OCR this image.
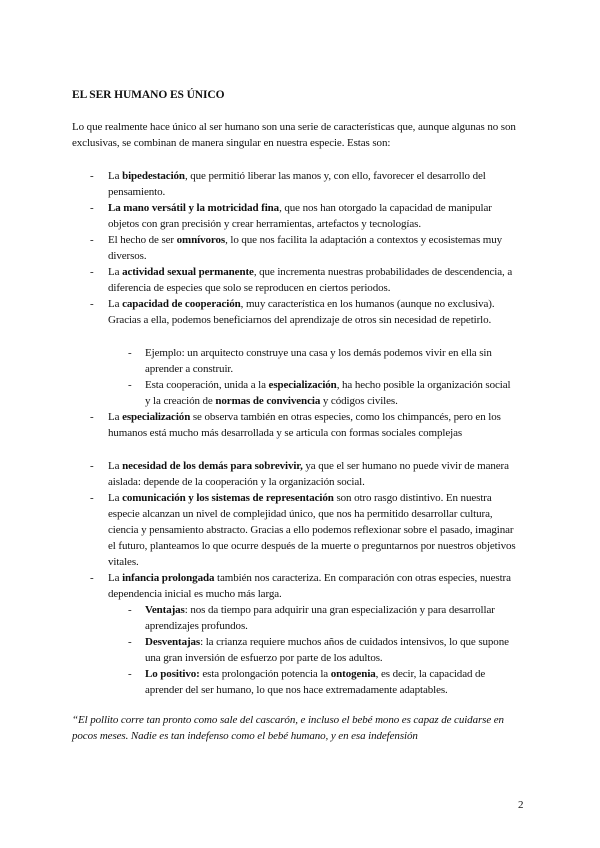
EL SER HUMANO ES ÚNICO

Lo que realmente hace único al ser humano son una serie de características que, aunque algunas no son exclusivas, se combinan de manera singular en nuestra especie. Estas son:

- La bipedestación, que permitió liberar las manos y, con ello, favorecer el desarrollo del pensamiento.
- La mano versátil y la motricidad fina, que nos han otorgado la capacidad de manipular objetos con gran precisión y crear herramientas, artefactos y tecnologías.
- El hecho de ser omnívoros, lo que nos facilita la adaptación a contextos y ecosistemas muy diversos.
- La actividad sexual permanente, que incrementa nuestras probabilidades de descendencia, a diferencia de especies que solo se reproducen en ciertos periodos.
- La capacidad de cooperación, muy característica en los humanos (aunque no exclusiva). Gracias a ella, podemos beneficiarnos del aprendizaje de otros sin necesidad de repetirlo.
- Ejemplo: un arquitecto construye una casa y los demás podemos vivir en ella sin aprender a construir.
- Esta cooperación, unida a la especialización, ha hecho posible la organización social y la creación de normas de convivencia y códigos civiles.
- La especialización se observa también en otras especies, como los chimpancés, pero en los humanos está mucho más desarrollada y se articula con formas sociales complejas
- La necesidad de los demás para sobrevivir, ya que el ser humano no puede vivir de manera aislada: depende de la cooperación y la organización social.
- La comunicación y los sistemas de representación son otro rasgo distintivo. En nuestra especie alcanzan un nivel de complejidad único, que nos ha permitido desarrollar cultura, ciencia y pensamiento abstracto. Gracias a ello podemos reflexionar sobre el pasado, imaginar el futuro, planteamos lo que ocurre después de la muerte o preguntarnos por nuestros objetivos vitales.
- La infancia prolongada también nos caracteriza. En comparación con otras especies, nuestra dependencia inicial es mucho más larga.
- Ventajas: nos da tiempo para adquirir una gran especialización y para desarrollar aprendizajes profundos.
- Desventajas: la crianza requiere muchos años de cuidados intensivos, lo que supone una gran inversión de esfuerzo por parte de los adultos.
- Lo positivo: esta prolongación potencia la ontogenia, es decir, la capacidad de aprender del ser humano, lo que nos hace extremadamente adaptables.

“El pollito corre tan pronto como sale del cascarón, e incluso el bebé mono es capaz de cuidarse en pocos meses. Nadie es tan indefenso como el bebé humano, y en esa indefensión

2
